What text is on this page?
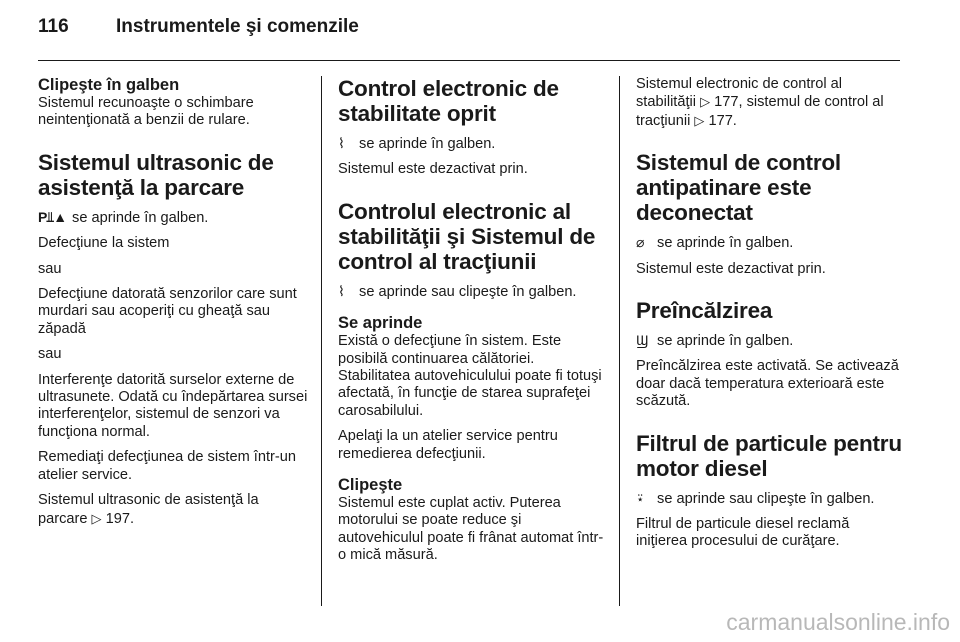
116	Instrumentele şi comenzile
Clipeşte în galben

Sistemul recunoaşte o schimbare neintenţionată a benzii de rulare.

Sistemul ultrasonic de asistenţă la parcare

P⫫▲ se aprinde în galben.

Defecţiune la sistem

sau

Defecţiune datorată senzorilor care sunt murdari sau acoperiţi cu gheaţă sau zăpadă

sau

Interferenţe datorită surselor externe de ultrasunete. Odată cu îndepărtarea sursei interferenţelor, sistemul de senzori va funcţiona normal.

Remediaţi defecţiunea de sistem într-un atelier service.

Sistemul ultrasonic de asistenţă la parcare ▷ 197.

Control electronic de stabilitate oprit

⌇ se aprinde în galben.

Sistemul este dezactivat prin.

Controlul electronic al stabilităţii şi Sistemul de control al tracţiunii

⌇ se aprinde sau clipeşte în galben.

Se aprinde

Există o defecţiune în sistem. Este posibilă continuarea călătoriei. Stabilitatea autovehiculului poate fi totuşi afectată, în funcţie de starea suprafeţei carosabilului.

Apelaţi la un atelier service pentru remedierea defecţiunii.

Clipeşte

Sistemul este cuplat activ. Puterea motorului se poate reduce şi autovehiculul poate fi frânat automat într-o mică măsură.

Sistemul electronic de control al stabilităţii ▷ 177, sistemul de control al tracţiunii ▷ 177.

Sistemul de control antipatinare este deconectat

⌀ se aprinde în galben.

Sistemul este dezactivat prin.

Preîncălzirea

Ϣ se aprinde în galben.

Preîncălzirea este activată. Se activează doar dacă temperatura exterioară este scăzută.

Filtrul de particule pentru motor diesel

⍣ se aprinde sau clipeşte în galben.

Filtrul de particule diesel reclamă iniţierea procesului de curăţare.

carmanualsonline.info
